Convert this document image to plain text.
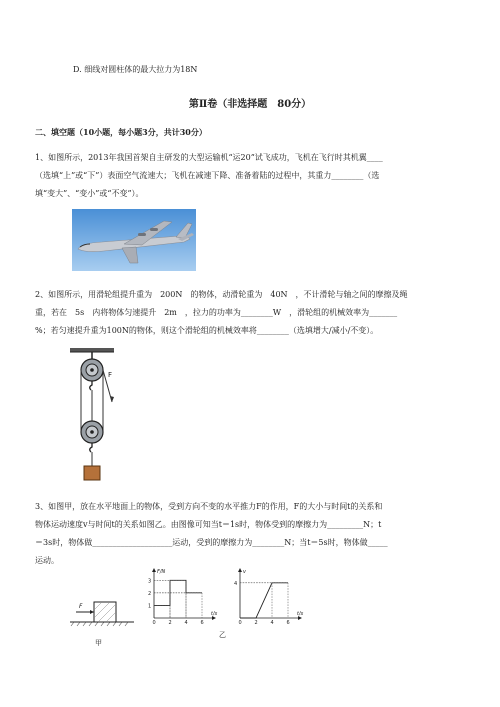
D. 细线对圆柱体的最大拉力为18N
第Ⅱ卷（非选择题　80分）
二、填空题（10小题，每小题3分，共计30分）
1、如图所示，2013年我国首架自主研发的大型运输机“运20”试飞成功，飞机在飞行时其机翼____
（选填“上”或“下”）表面空气流速大；飞机在减速下降、准备着陆的过程中，其重力________（选
填“变大”、“变小”或“不变”）。
2、如图所示，用滑轮组提升重为　200N　的物体，动滑轮重为　40N　，不计滑轮与轴之间的摩擦及绳
重，若在　5s　内将物体匀速提升　2m　，拉力的功率为________W　，滑轮组的机械效率为_______
%；若匀速提升重为100N的物体，则这个滑轮组的机械效率将________（选填增大/减小/不变）。
F
3、如图甲，放在水平地面上的物体，受到方向不变的水平推力F的作用，F的大小与时间t的关系和
物体运动速度v与时间t的关系如图乙。由图像可知当t＝1s时，物体受到的摩擦力为_________N；t
＝3s时，物体做____________________运动，受到的摩擦力为________N；当t＝5s时，物体做_____
运动。
F
甲
F/N
t/s
0	2	4	6
1
2
3
v
t/s
0	2	4	6
4
乙
